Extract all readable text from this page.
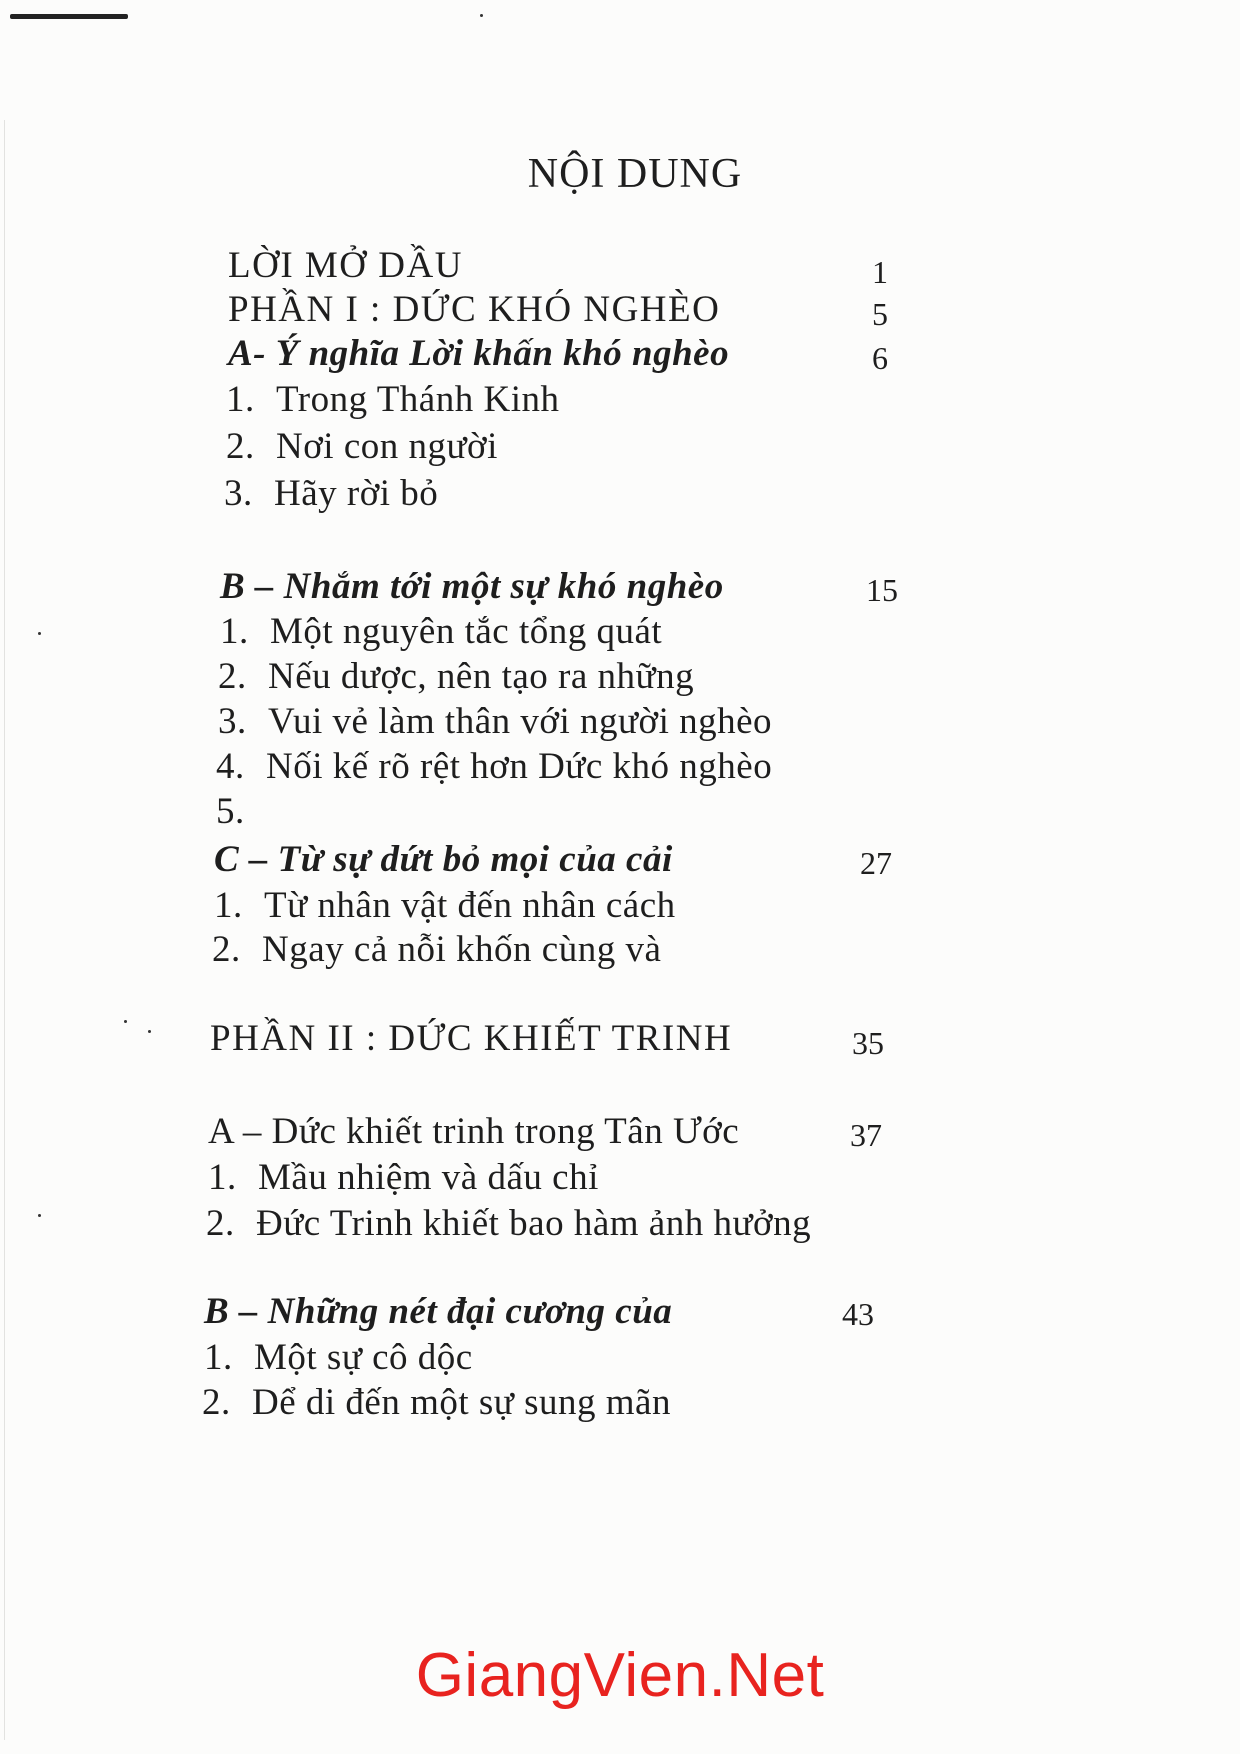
NỘI DUNG
LỜI MỞ DẦU	1
PHẦN I : DỨC KHÓ NGHÈO	5
A- Ý nghĩa Lời khấn khó nghèo	6
1. Trong Thánh Kinh
2. Nơi con người
3. Hãy rời bỏ
B – Nhắm tới một sự khó nghèo	15
1. Một nguyên tắc tổng quát
2. Nếu dược, nên tạo ra những
3. Vui vẻ làm thân với người nghèo
4. Nối kế rõ rệt hơn Dức khó nghèo
5.
C – Từ sự dứt bỏ mọi của cải	27
1. Từ nhân vật đến nhân cách
2. Ngay cả nỗi khốn cùng và
PHẦN II : DỨC KHIẾT TRINH	35
A – Dức khiết trinh trong Tân Ước	37
1. Mầu nhiệm và dấu chỉ
2. Đức Trinh khiết bao hàm ảnh hưởng
B – Những nét đại cương của	43
1. Một sự cô dộc
2. Dể di đến một sự sung mãn
GiangVien.Net
